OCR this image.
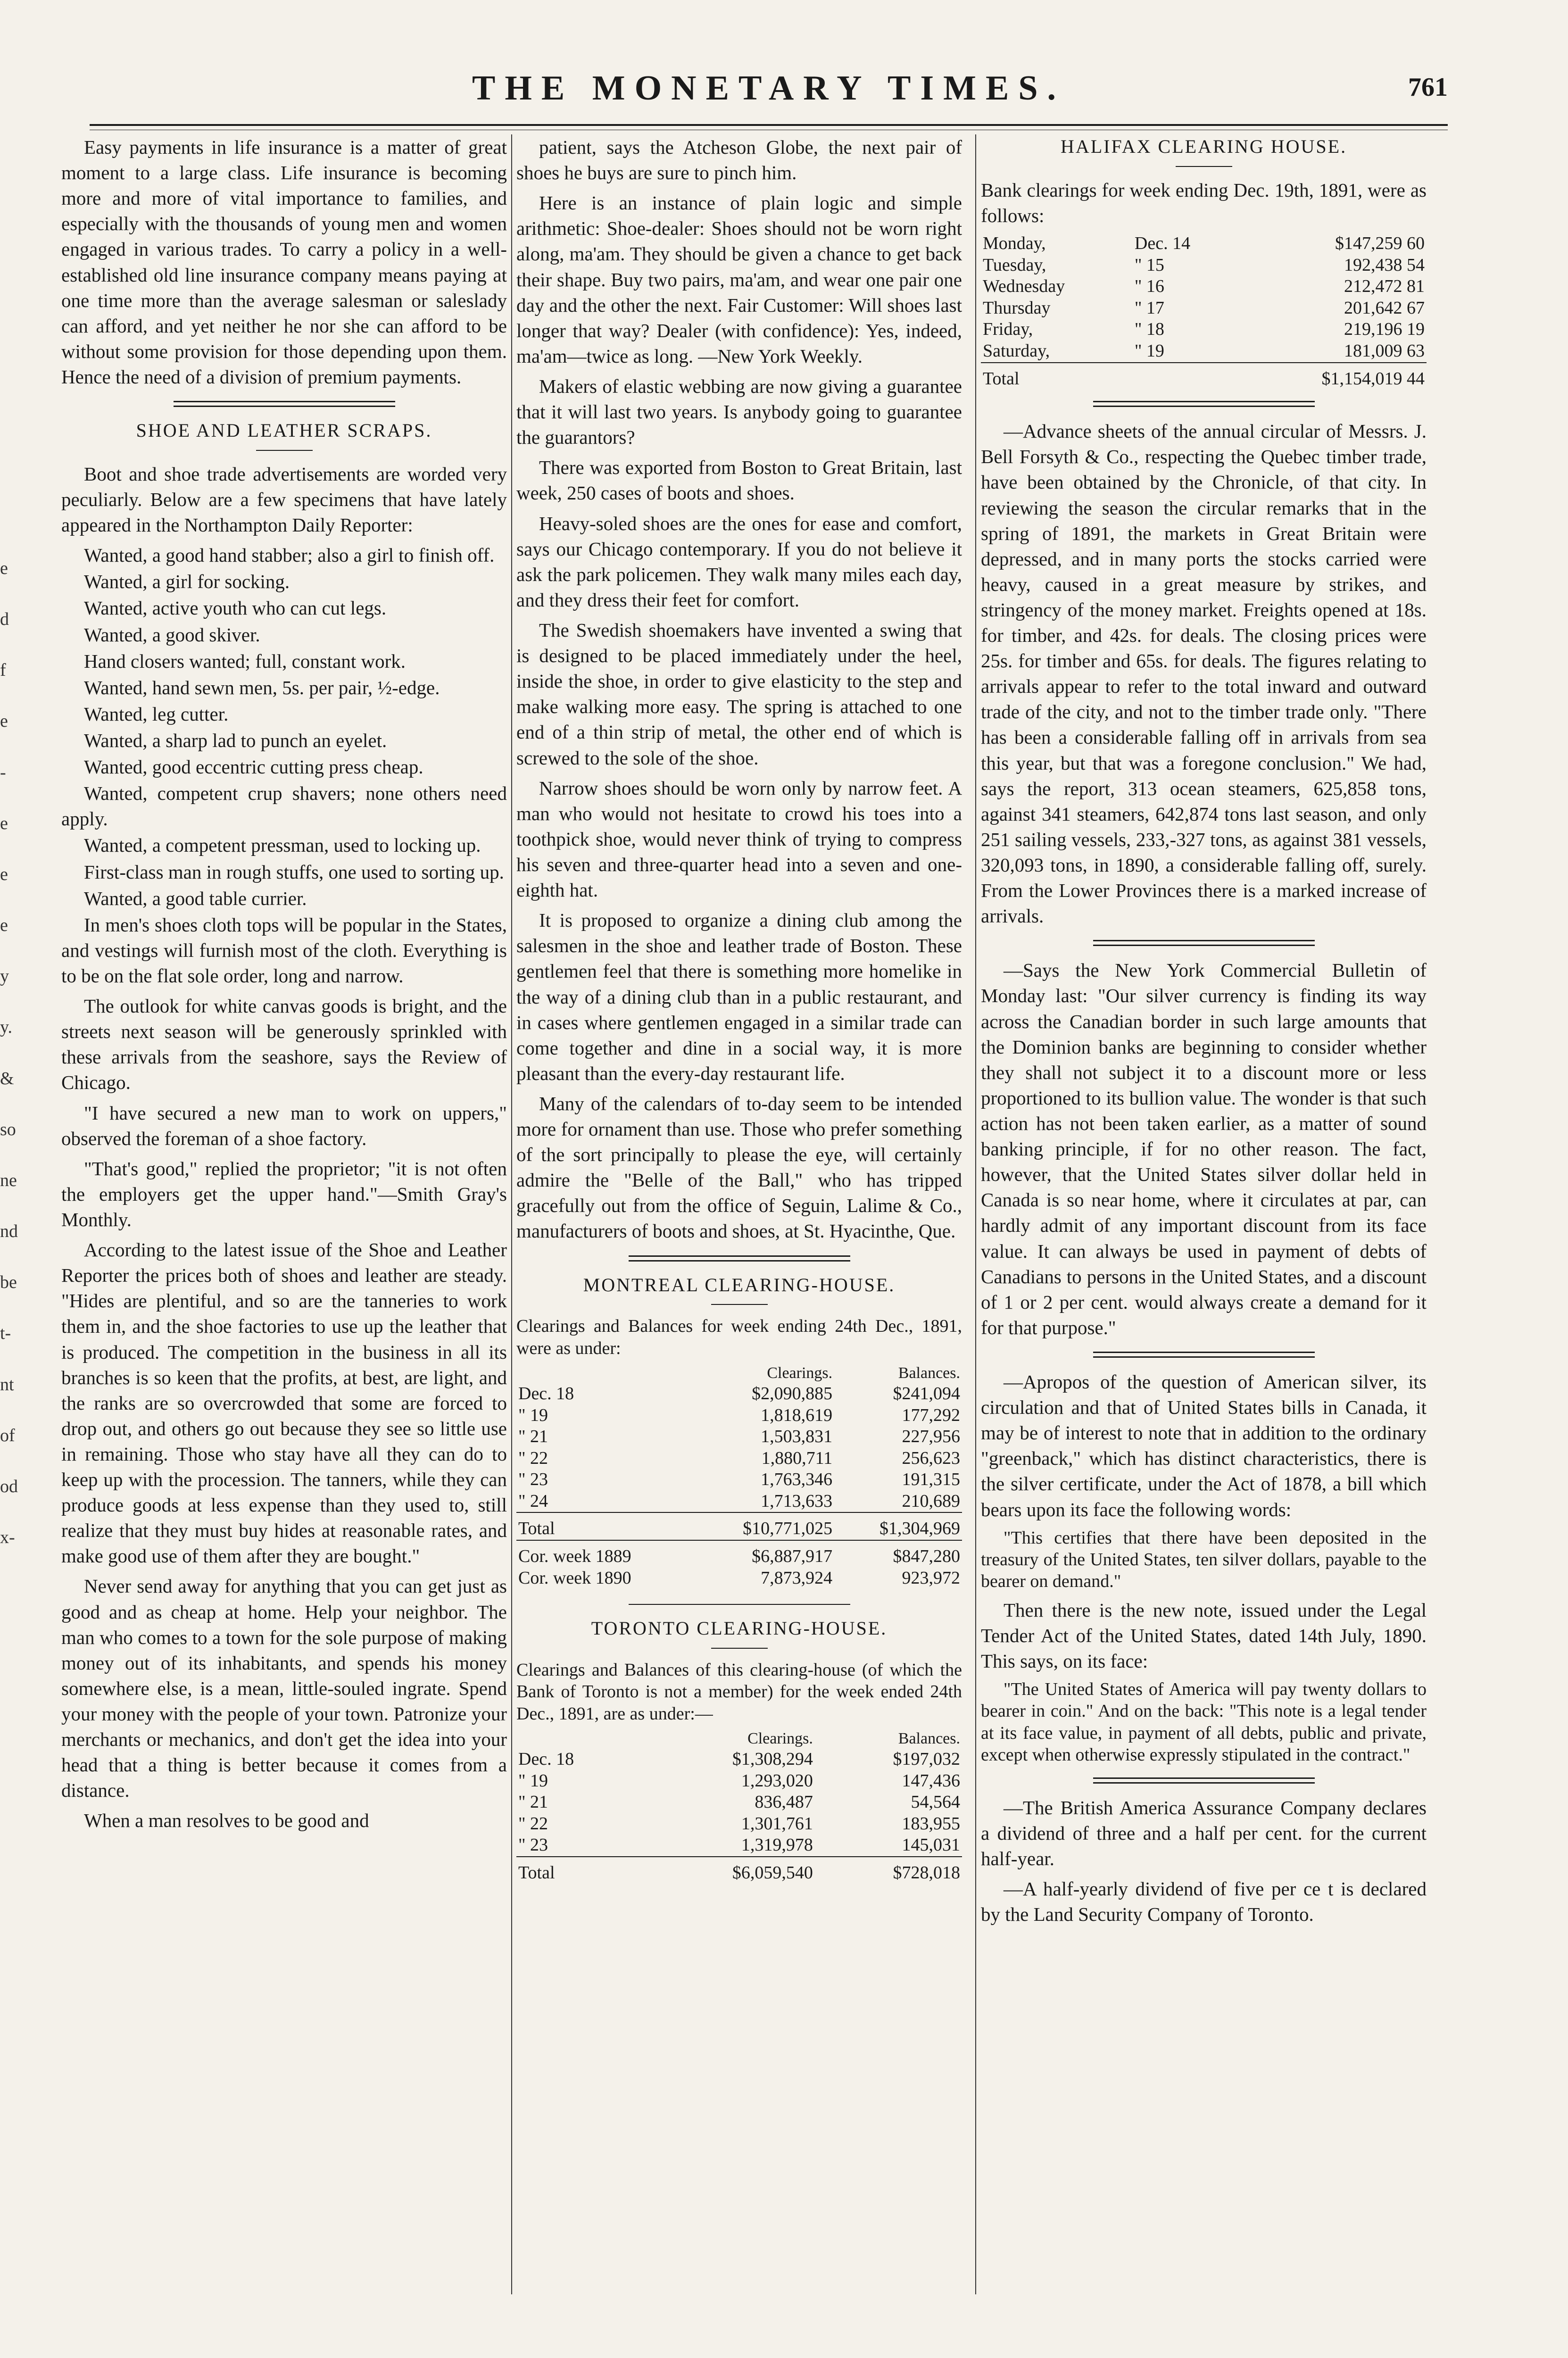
THE MONETARY TIMES.	761
e
d
f
e
-
e
e
e
y
y.
&
so
ne
nd
be
t-
nt
of
od
x-

Easy payments in life insurance is a matter of great moment to a large class. Life insurance is becoming more and more of vital importance to families, and especially with the thousands of young men and women engaged in various trades. To carry a policy in a well-established old line insurance company means paying at one time more than the average salesman or saleslady can afford, and yet neither he nor she can afford to be without some provision for those depending upon them. Hence the need of a division of premium payments.

SHOE AND LEATHER SCRAPS.

Boot and shoe trade advertisements are worded very peculiarly. Below are a few specimens that have lately appeared in the Northampton Daily Reporter:

Wanted, a good hand stabber; also a girl to finish off.

Wanted, a girl for socking.

Wanted, active youth who can cut legs.

Wanted, a good skiver.

Hand closers wanted; full, constant work.

Wanted, hand sewn men, 5s. per pair, ½-edge.

Wanted, leg cutter.

Wanted, a sharp lad to punch an eyelet.

Wanted, good eccentric cutting press cheap.

Wanted, competent crup shavers; none others need apply.

Wanted, a competent pressman, used to locking up.

First-class man in rough stuffs, one used to sorting up.

Wanted, a good table currier.

In men's shoes cloth tops will be popular in the States, and vestings will furnish most of the cloth. Everything is to be on the flat sole order, long and narrow.

The outlook for white canvas goods is bright, and the streets next season will be generously sprinkled with these arrivals from the seashore, says the Review of Chicago.

"I have secured a new man to work on uppers," observed the foreman of a shoe factory.

"That's good," replied the proprietor; "it is not often the employers get the upper hand."—Smith Gray's Monthly.

According to the latest issue of the Shoe and Leather Reporter the prices both of shoes and leather are steady. "Hides are plentiful, and so are the tanneries to work them in, and the shoe factories to use up the leather that is produced. The competition in the business in all its branches is so keen that the profits, at best, are light, and the ranks are so overcrowded that some are forced to drop out, and others go out because they see so little use in remaining. Those who stay have all they can do to keep up with the procession. The tanners, while they can produce goods at less expense than they used to, still realize that they must buy hides at reasonable rates, and make good use of them after they are bought."

Never send away for anything that you can get just as good and as cheap at home. Help your neighbor. The man who comes to a town for the sole purpose of making money out of its inhabitants, and spends his money somewhere else, is a mean, little-souled ingrate. Spend your money with the people of your town. Patronize your merchants or mechanics, and don't get the idea into your head that a thing is better because it comes from a distance.

When a man resolves to be good and

patient, says the Atcheson Globe, the next pair of shoes he buys are sure to pinch him.

Here is an instance of plain logic and simple arithmetic: Shoe-dealer: Shoes should not be worn right along, ma'am. They should be given a chance to get back their shape. Buy two pairs, ma'am, and wear one pair one day and the other the next. Fair Customer: Will shoes last longer that way? Dealer (with confidence): Yes, indeed, ma'am—twice as long. —New York Weekly.

Makers of elastic webbing are now giving a guarantee that it will last two years. Is anybody going to guarantee the guarantors?

There was exported from Boston to Great Britain, last week, 250 cases of boots and shoes.

Heavy-soled shoes are the ones for ease and comfort, says our Chicago contemporary. If you do not believe it ask the park policemen. They walk many miles each day, and they dress their feet for comfort.

The Swedish shoemakers have invented a swing that is designed to be placed immediately under the heel, inside the shoe, in order to give elasticity to the step and make walking more easy. The spring is attached to one end of a thin strip of metal, the other end of which is screwed to the sole of the shoe.

Narrow shoes should be worn only by narrow feet. A man who would not hesitate to crowd his toes into a toothpick shoe, would never think of trying to compress his seven and three-quarter head into a seven and one-eighth hat.

It is proposed to organize a dining club among the salesmen in the shoe and leather trade of Boston. These gentlemen feel that there is something more homelike in the way of a dining club than in a public restaurant, and in cases where gentlemen engaged in a similar trade can come together and dine in a social way, it is more pleasant than the every-day restaurant life.

Many of the calendars of to-day seem to be intended more for ornament than use. Those who prefer something of the sort principally to please the eye, will certainly admire the "Belle of the Ball," who has tripped gracefully out from the office of Seguin, Lalime & Co., manufacturers of boots and shoes, at St. Hyacinthe, Que.

MONTREAL CLEARING-HOUSE.

Clearings and Balances for week ending 24th Dec., 1891, were as under:

	Clearings.	Balances.
Dec. 18	$2,090,885	$241,094
" 19	1,818,619	177,292
" 21	1,503,831	227,956
" 22	1,880,711	256,623
" 23	1,763,346	191,315
" 24	1,713,633	210,689

Total	$10,771,025	$1,304,969

Cor. week 1889	$6,887,917	$847,280
Cor. week 1890	7,873,924	923,972
TORONTO CLEARING-HOUSE.

Clearings and Balances of this clearing-house (of which the Bank of Toronto is not a member) for the week ended 24th Dec., 1891, are as under:—

	Clearings.	Balances.
Dec. 18	$1,308,294	$197,032
" 19	1,293,020	147,436
" 21	836,487	54,564
" 22	1,301,761	183,955
" 23	1,319,978	145,031

Total	$6,059,540	$728,018
HALIFAX CLEARING HOUSE.

Bank clearings for week ending Dec. 19th, 1891, were as follows:

Monday,	Dec. 14	$147,259 60
Tuesday,	" 15	192,438 54
Wednesday	" 16	212,472 81
Thursday	" 17	201,642 67
Friday,	" 18	219,196 19
Saturday,	" 19	181,009 63

Total		$1,154,019 44

—Advance sheets of the annual circular of Messrs. J. Bell Forsyth & Co., respecting the Quebec timber trade, have been obtained by the Chronicle, of that city. In reviewing the season the circular remarks that in the spring of 1891, the markets in Great Britain were depressed, and in many ports the stocks carried were heavy, caused in a great measure by strikes, and stringency of the money market. Freights opened at 18s. for timber, and 42s. for deals. The closing prices were 25s. for timber and 65s. for deals. The figures relating to arrivals appear to refer to the total inward and outward trade of the city, and not to the timber trade only. "There has been a considerable falling off in arrivals from sea this year, but that was a foregone conclusion." We had, says the report, 313 ocean steamers, 625,858 tons, against 341 steamers, 642,874 tons last season, and only 251 sailing vessels, 233,-327 tons, as against 381 vessels, 320,093 tons, in 1890, a considerable falling off, surely. From the Lower Provinces there is a marked increase of arrivals.

—Says the New York Commercial Bulletin of Monday last: "Our silver currency is finding its way across the Canadian border in such large amounts that the Dominion banks are beginning to consider whether they shall not subject it to a discount more or less proportioned to its bullion value. The wonder is that such action has not been taken earlier, as a matter of sound banking principle, if for no other reason. The fact, however, that the United States silver dollar held in Canada is so near home, where it circulates at par, can hardly admit of any important discount from its face value. It can always be used in payment of debts of Canadians to persons in the United States, and a discount of 1 or 2 per cent. would always create a demand for it for that purpose."

—Apropos of the question of American silver, its circulation and that of United States bills in Canada, it may be of interest to note that in addition to the ordinary "greenback," which has distinct characteristics, there is the silver certificate, under the Act of 1878, a bill which bears upon its face the following words:

"This certifies that there have been deposited in the treasury of the United States, ten silver dollars, payable to the bearer on demand."

Then there is the new note, issued under the Legal Tender Act of the United States, dated 14th July, 1890. This says, on its face:

"The United States of America will pay twenty dollars to bearer in coin." And on the back: "This note is a legal tender at its face value, in payment of all debts, public and private, except when otherwise expressly stipulated in the contract."

—The British America Assurance Company declares a dividend of three and a half per cent. for the current half-year.

—A half-yearly dividend of five per ce t is declared by the Land Security Company of Toronto.
